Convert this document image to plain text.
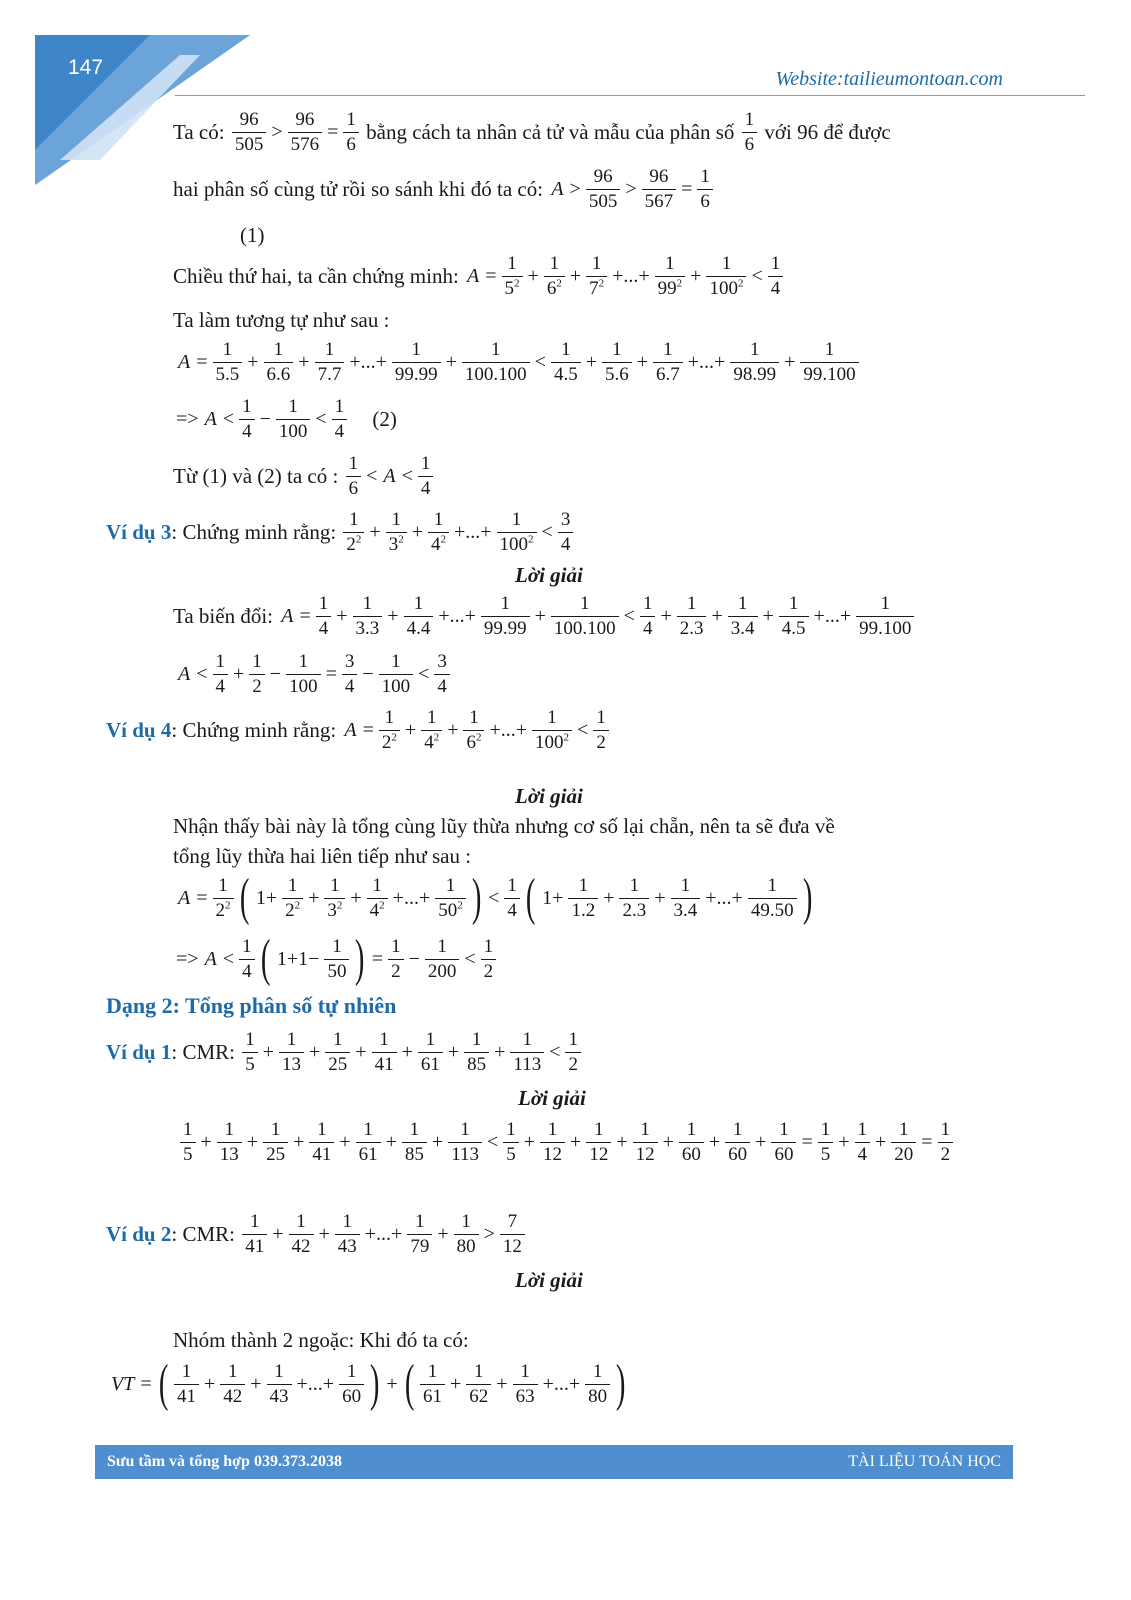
147	Website:tailieumontoan.com
Ta có: $\frac{96}{505} > \frac{96}{576} = \frac{1}{6}$ bằng cách ta nhân cả tử và mẫu của phân số $\frac{1}{6}$ với 96 để được
hai phân số cùng tử rồi so sánh khi đó ta có: $A > \frac{96}{505} > \frac{96}{567} = \frac{1}{6}$
(1)
Chiều thứ hai, ta cần chứng minh: $A = \frac{1}{5^2} + \frac{1}{6^2} + \frac{1}{7^2}$ +...+ $\frac{1}{99^2} + \frac{1}{100^2} < \frac{1}{4}$
Ta làm tương tự như sau :
$A = \frac{1}{5.5} + \frac{1}{6.6} + \frac{1}{7.7}$ +...+ $\frac{1}{99.99} + \frac{1}{100.100} < \frac{1}{4.5} + \frac{1}{5.6} + \frac{1}{6.7}$ +...+ $\frac{1}{98.99} + \frac{1}{99.100}$
=> $A < \frac{1}{4} - \frac{1}{100} < \frac{1}{4} (2)$
Từ (1) và (2) ta có : $\frac{1}{6} < A < \frac{1}{4}$
Ví dụ 3: Chứng minh rằng: $\frac{1}{2^2} + \frac{1}{3^2} + \frac{1}{4^2}$ +...+ $\frac{1}{100^2} < \frac{3}{4}$
Lời giải
Ta biến đổi: $A = \frac{1}{4} + \frac{1}{3.3} + \frac{1}{4.4}$ +...+ $\frac{1}{99.99} + \frac{1}{100.100} < \frac{1}{4} + \frac{1}{2.3} + \frac{1}{3.4} + \frac{1}{4.5}$ +...+ $\frac{1}{99.100}$
$A < \frac{1}{4} + \frac{1}{2} - \frac{1}{100} = \frac{3}{4} - \frac{1}{100} < \frac{3}{4}$
Ví dụ 4: Chứng minh rằng: $A = \frac{1}{2^2} + \frac{1}{4^2} + \frac{1}{6^2}$ +...+ $\frac{1}{100^2} < \frac{1}{2}$
Lời giải
Nhận thấy bài này là tổng cùng lũy thừa nhưng cơ số lại chẵn, nên ta sẽ đưa về
tổng lũy thừa hai liên tiếp như sau :
$A = \frac{1}{2^2}$ ( $1+ \frac{1}{2^2} + \frac{1}{3^2} + \frac{1}{4^2}$ +...+ $\frac{1}{50^2}$ ) < $\frac{1}{4}$ ( $1+ \frac{1}{1.2} + \frac{1}{2.3} + \frac{1}{3.4}$ +...+ $\frac{1}{49.50}$ )
=> $A < \frac{1}{4}$ ( $1+1- \frac{1}{50}$ ) = $\frac{1}{2} - \frac{1}{200} < \frac{1}{2}$
Dạng 2: Tổng phân số tự nhiên
Ví dụ 1: CMR: $\frac{1}{5} + \frac{1}{13} + \frac{1}{25} + \frac{1}{41} + \frac{1}{61} + \frac{1}{85} + \frac{1}{113} < \frac{1}{2}$
Lời giải
$\frac{1}{5} + \frac{1}{13} + \frac{1}{25} + \frac{1}{41} + \frac{1}{61} + \frac{1}{85} + \frac{1}{113} < \frac{1}{5} + \frac{1}{12} + \frac{1}{12} + \frac{1}{12} + \frac{1}{60} + \frac{1}{60} + \frac{1}{60} = \frac{1}{5} + \frac{1}{4} + \frac{1}{20} = \frac{1}{2}$
Ví dụ 2: CMR: $\frac{1}{41} + \frac{1}{42} + \frac{1}{43}$ +...+ $\frac{1}{79} + \frac{1}{80} > \frac{7}{12}$
Lời giải
Nhóm thành 2 ngoặc: Khi đó ta có:
VT = ( $\frac{1}{41} + \frac{1}{42} + \frac{1}{43}$ +...+ $\frac{1}{60}$ ) + ( $\frac{1}{61} + \frac{1}{62} + \frac{1}{63}$ +...+ $\frac{1}{80}$ )
Sưu tầm và tổng hợp 039.373.2038	TÀI LIỆU TOÁN HỌC
